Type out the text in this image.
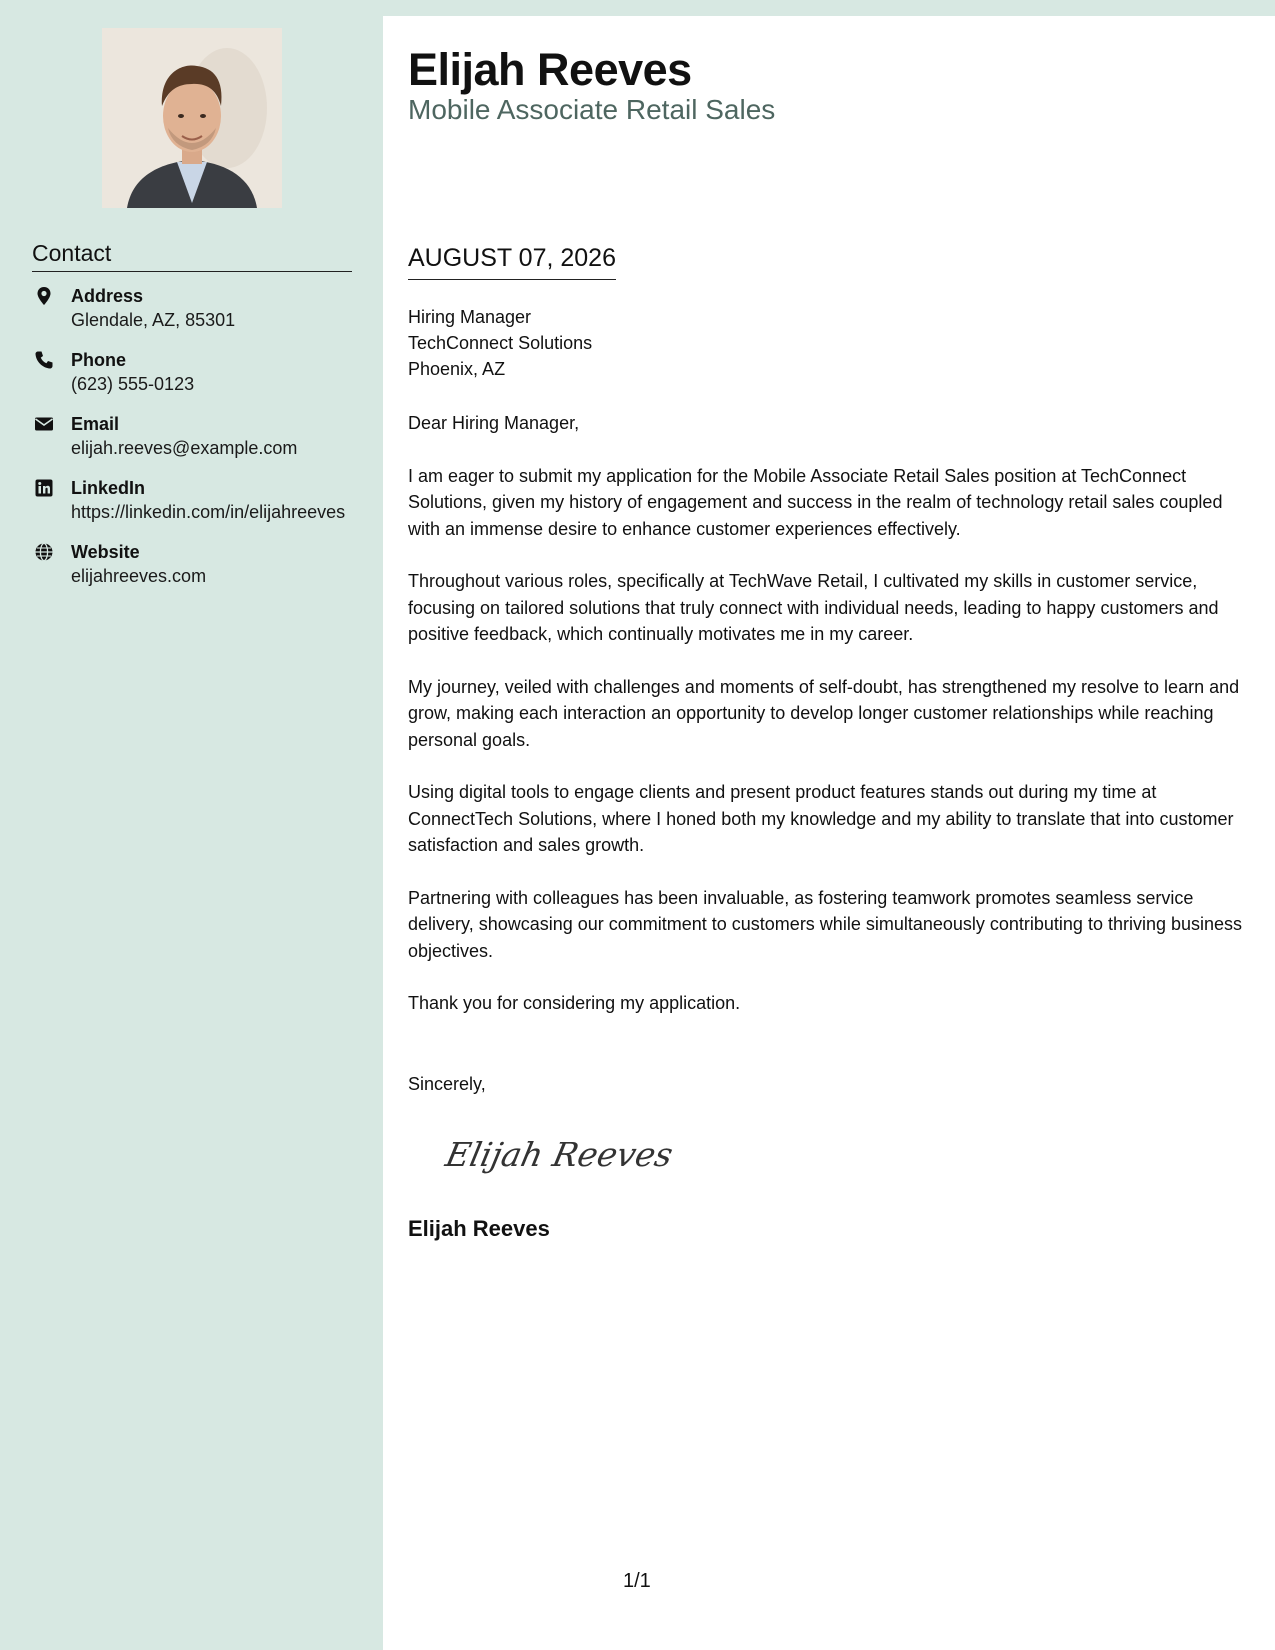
Contact
Address
Glendale, AZ, 85301
Phone
(623) 555-0123
Email
elijah.reeves@example.com
LinkedIn
https://linkedin.com/in/elijahreeves
Website
elijahreeves.com
Elijah Reeves
Mobile Associate Retail Sales
AUGUST 07, 2026
Hiring Manager
TechConnect Solutions
Phoenix, AZ

Dear Hiring Manager,

I am eager to submit my application for the Mobile Associate Retail Sales position at TechConnect Solutions, given my history of engagement and success in the realm of technology retail sales coupled with an immense desire to enhance customer experiences effectively.

Throughout various roles, specifically at TechWave Retail, I cultivated my skills in customer service, focusing on tailored solutions that truly connect with individual needs, leading to happy customers and positive feedback, which continually motivates me in my career.

My journey, veiled with challenges and moments of self-doubt, has strengthened my resolve to learn and grow, making each interaction an opportunity to develop longer customer relationships while reaching personal goals.

Using digital tools to engage clients and present product features stands out during my time at ConnectTech Solutions, where I honed both my knowledge and my ability to translate that into customer satisfaction and sales growth.

Partnering with colleagues has been invaluable, as fostering teamwork promotes seamless service delivery, showcasing our commitment to customers while simultaneously contributing to thriving business objectives.

Thank you for considering my application.

Sincerely,
Elijah Reeves
Elijah Reeves
1/1
